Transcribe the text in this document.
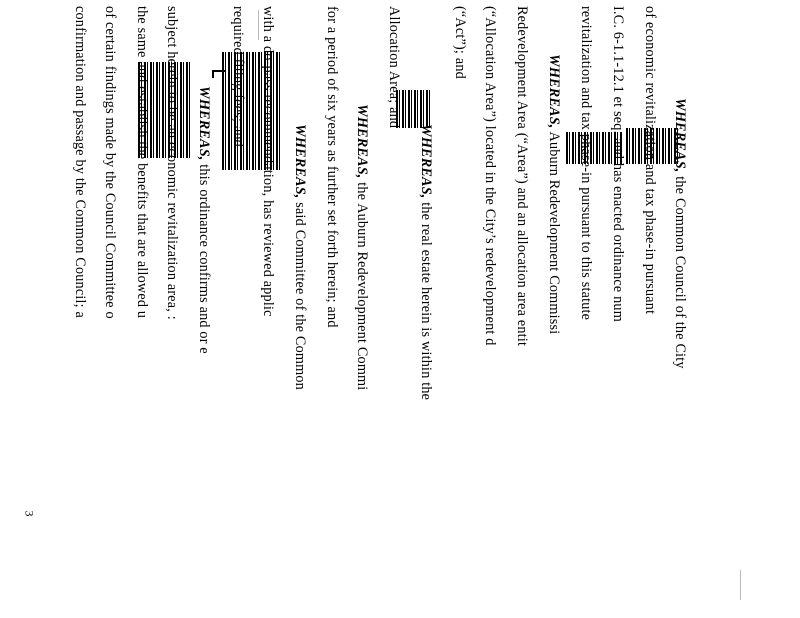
WHEREAS, the Common Council of the City
of economic revitalization and tax phase-in pursuant
I.C. 6-1.1-12.1 et seq. and has enacted ordinance num
revitalization and tax phase-in pursuant to this statute
WHEREAS, Auburn Redevelopment Commissi
Redevelopment Area (“Area”) and an allocation area entit
(“Allocation Area”) located in the City’s redevelopment d
(“Act”); and
WHEREAS, the real estate herein is within the
Allocation Area; and
WHEREAS, the Auburn Redevelopment Commi
for a period of six years as further set forth herein; and
WHEREAS, said Committee of the Common
with a do-pass recommendation, has reviewed applic
required filing fees; and
WHEREAS, this ordinance confirms and or e
subject herein to be an economic revitalization area, :
the same and establish the benefits that are allowed u
of certain findings made by the Council Committee o
confirmation and passage by the Common Council; a
3
